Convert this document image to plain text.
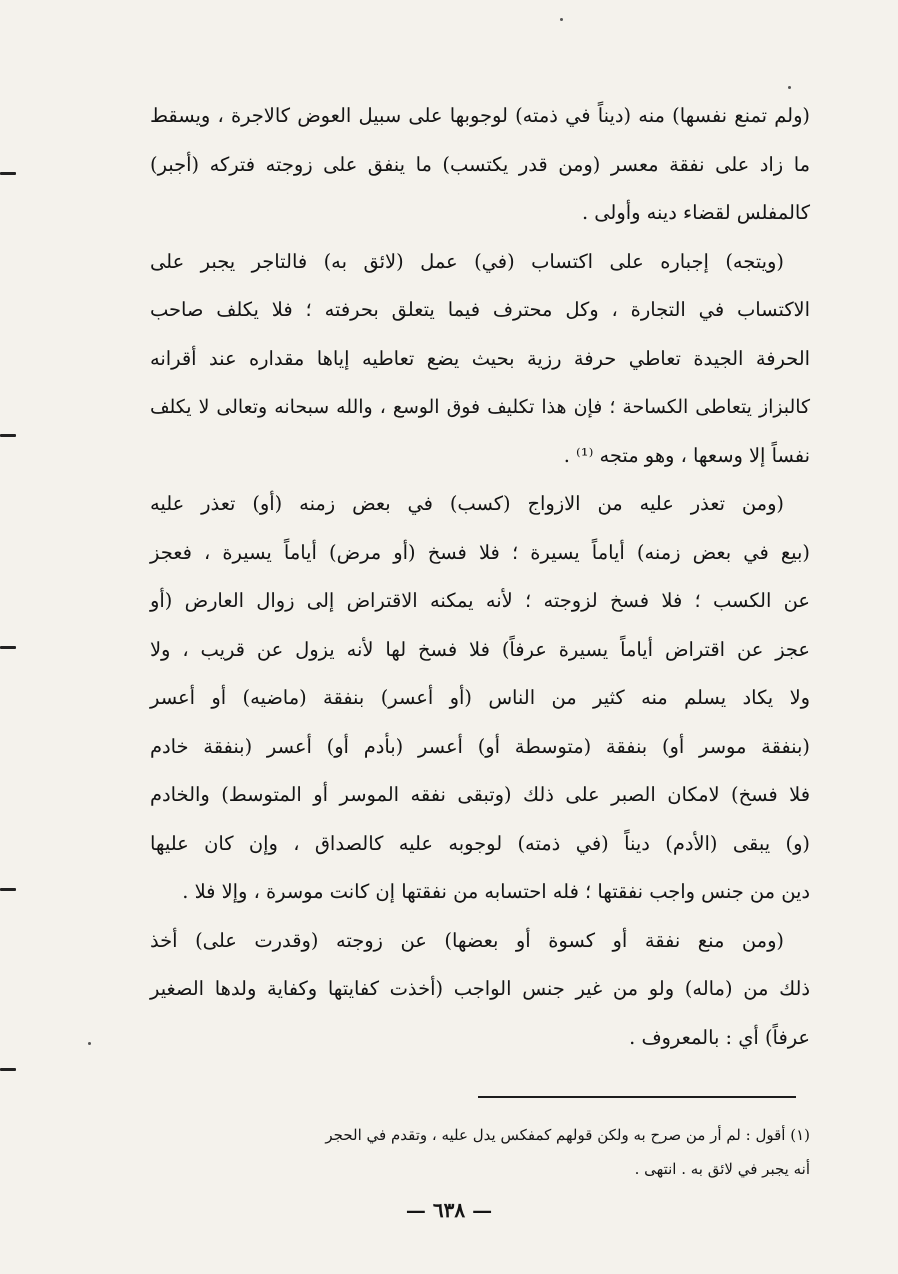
(ولم تمنع نفسها) منه (ديناً في ذمته) لوجوبها على سبيل العوض كالاجرة ، ويسقط
ما زاد على نفقة معسر (ومن قدر يكتسب) ما ينفق على زوجته فتركه (أجبر)
كالمفلس لقضاء دينه وأولى .
(ويتجه) إجباره على اكتساب (في) عمل (لائق به) فالتاجر يجبر على
الاكتساب في التجارة ، وكل محترف فيما يتعلق بحرفته ؛ فلا يكلف صاحب
الحرفة الجيدة تعاطي حرفة رزية بحيث يضع تعاطيه إياها مقداره عند أقرانه
كالبزاز يتعاطى الكساحة ؛ فإن هذا تكليف فوق الوسع ، والله سبحانه وتعالى لا يكلف
نفساً إلا وسعها ، وهو متجه ⁽¹⁾ .
(ومن تعذر عليه من الازواج (كسب) في بعض زمنه (أو) تعذر عليه
(بيع في بعض زمنه) أياماً يسيرة ؛ فلا فسخ (أو مرض) أياماً يسيرة ، فعجز
عن الكسب ؛ فلا فسخ لزوجته ؛ لأنه يمكنه الاقتراض إلى زوال العارض (أو
عجز عن اقتراض أياماً يسيرة عرفاً) فلا فسخ لها لأنه يزول عن قريب ، ولا
ولا يكاد يسلم منه كثير من الناس (أو أعسر) بنفقة (ماضيه) أو أعسر
(بنفقة موسر أو) بنفقة (متوسطة أو) أعسر (بأدم أو) أعسر (بنفقة خادم
فلا فسخ) لامكان الصبر على ذلك (وتبقى نفقه الموسر أو المتوسط) والخادم
(و) يبقى (الأدم) ديناً (في ذمته) لوجوبه عليه كالصداق ، وإن كان عليها
دين من جنس واجب نفقتها ؛ فله احتسابه من نفقتها إن كانت موسرة ، وإلا فلا .
(ومن منع نفقة أو كسوة أو بعضها) عن زوجته (وقدرت على) أخذ
ذلك من (ماله) ولو من غير جنس الواجب (أخذت كفايتها وكفاية ولدها الصغير
عرفاً) أي : بالمعروف .
(١) أقول : لم أر من صرح به ولكن قولهم كمفكس يدل عليه ، وتقدم في الحجر
أنه يجبر في لائق به . انتهى .
— ٦٣٨ —
